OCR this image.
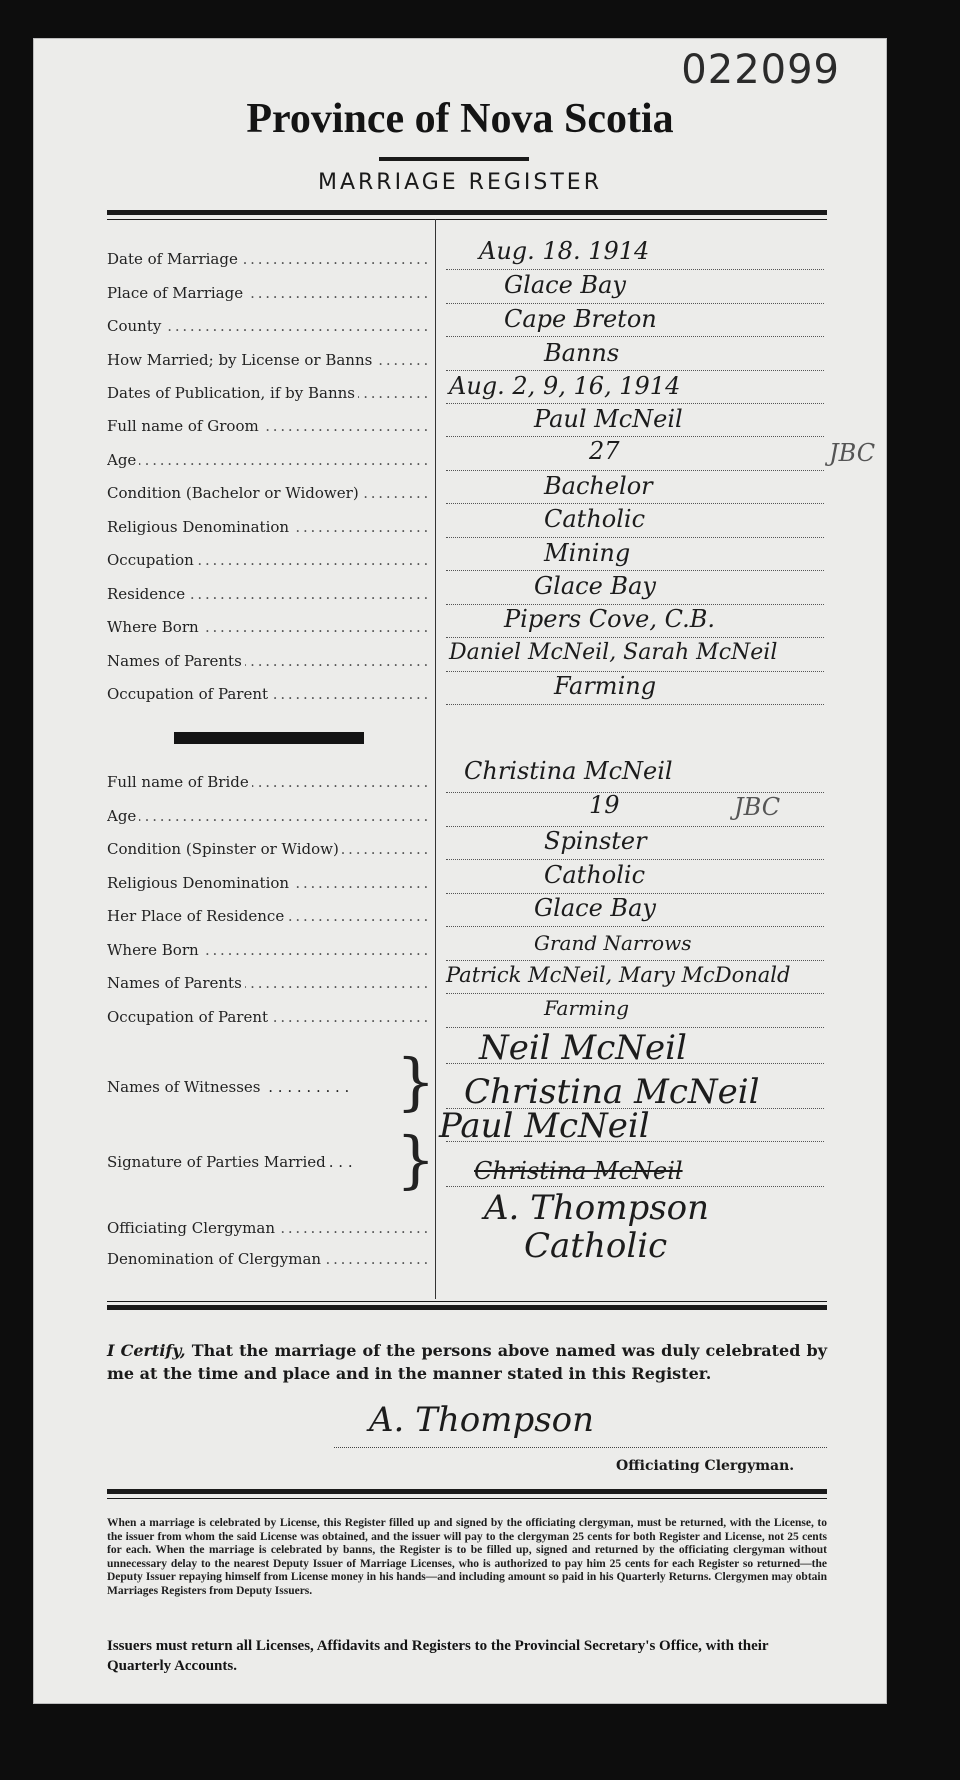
022099
Province of Nova Scotia
MARRIAGE REGISTER
Date of Marriage . . .	Aug. 18. 1914
Place of Marriage . . .	Glace Bay
County . . .	Cape Breton
How Married; by License or Banns . . .	Banns
Dates of Publication, if by Banns . . .	Aug. 2, 9, 16, 1914
Full name of Groom . . .	Paul McNeil
Age . . .	27	JBC
Condition (Bachelor or Widower) . . .	Bachelor
Religious Denomination . . .	Catholic
Occupation . . .	Mining
Residence . . .	Glace Bay
Where Born . . .	Pipers Cove, C.B.
Names of Parents . . .	Daniel McNeil, Sarah McNeil
Occupation of Parent . . .	Farming
Full name of Bride . . .	Christina McNeil
Age . . .	19	JBC
Condition (Spinster or Widow) . . .	Spinster
Religious Denomination . . .	Catholic
Her Place of Residence . . .	Glace Bay
Where Born . . .	Grand Narrows
Names of Parents . . .	Patrick McNeil, Mary McDonald
Occupation of Parent . . .	Farming
Names of Witnesses . . . . . . . . . } Neil McNeil
Christina McNeil
Signature of Parties Married . . . } Paul McNeil
Christina McNeil
Officiating Clergyman . . .	A. Thompson
Denomination of Clergyman . . .	Catholic
I Certify, That the marriage of the persons above named was duly celebrated by me at the time and place and in the manner stated in this Register.
A. Thompson
Officiating Clergyman.
When a marriage is celebrated by License, this Register filled up and signed by the officiating clergyman, must be returned, with the License, to the issuer from whom the said License was obtained, and the issuer will pay to the clergyman 25 cents for both Register and License, not 25 cents for each. When the marriage is celebrated by banns, the Register is to be filled up, signed and returned by the officiating clergyman without unnecessary delay to the nearest Deputy Issuer of Marriage Licenses, who is authorized to pay him 25 cents for each Register so returned—the Deputy Issuer repaying himself from License money in his hands—and including amount so paid in his Quarterly Returns. Clergymen may obtain Marriages Registers from Deputy Issuers.
Issuers must return all Licenses, Affidavits and Registers to the Provincial Secretary's Office, with their Quarterly Accounts.
